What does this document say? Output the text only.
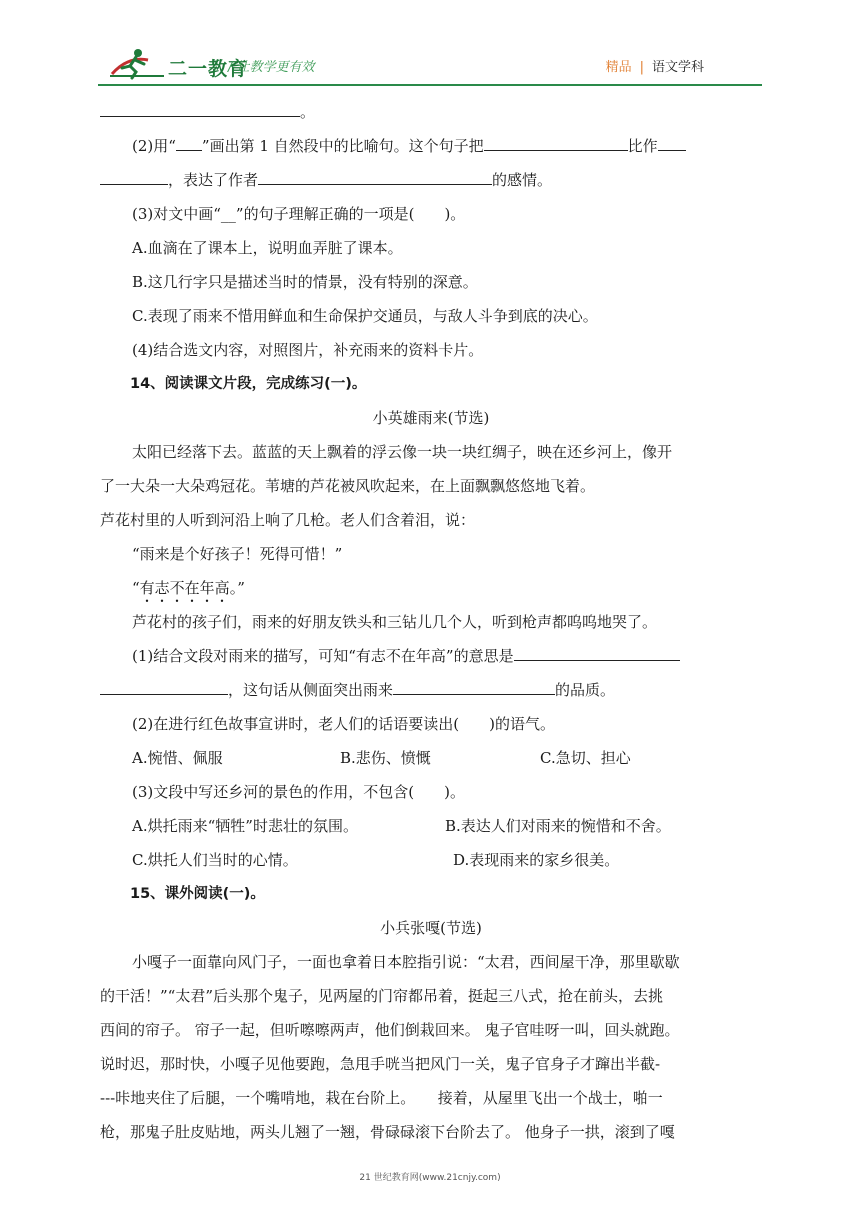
二一教育
/ 让教学更有效	精品 | 语文学科
。
(2)用“ ”画出第 1 自然段中的比喻句。这个句子把	比作
，表达了作者	的感情。
(3)对文中画“__”的句子理解正确的一项是(　　)。
A.血滴在了课本上，说明血弄脏了课本。
B.这几行字只是描述当时的情景，没有特别的深意。
C.表现了雨来不惜用鲜血和生命保护交通员，与敌人斗争到底的决心。
(4)结合选文内容，对照图片，补充雨来的资料卡片。
14、阅读课文片段，完成练习(一)。
小英雄雨来(节选)
太阳已经落下去。蓝蓝的天上飘着的浮云像一块一块红绸子，映在还乡河上，像开
了一大朵一大朵鸡冠花。苇塘的芦花被风吹起来，在上面飘飘悠悠地飞着。
芦花村里的人听到河沿上响了几枪。老人们含着泪，说：
“雨来是个好孩子！死得可惜！”
“有志不在年高。”
芦花村的孩子们，雨来的好朋友铁头和三钻儿几个人，听到枪声都呜呜地哭了。
(1)结合文段对雨来的描写，可知“有志不在年高”的意思是
，这句话从侧面突出雨来	的品质。
(2)在进行红色故事宣讲时，老人们的话语要读出(　　)的语气。
A.惋惜、佩服	B.悲伤、愤慨	C.急切、担心
(3)文段中写还乡河的景色的作用，不包含(　　)。
A.烘托雨来“牺牲”时悲壮的氛围。	B.表达人们对雨来的惋惜和不舍。
C.烘托人们当时的心情。	D.表现雨来的家乡很美。
15、课外阅读(一)。
小兵张嘎(节选)
小嘎子一面靠向风门子，一面也拿着日本腔指引说：“太君，西间屋干净，那里歇歇
的干活！”“太君”后头那个鬼子，见两屋的门帘都吊着，挺起三八式，抢在前头，去挑
西间的帘子。 帘子一起，但听嚓嚓两声，他们倒栽回来。 鬼子官哇呀一叫，回头就跑。
说时迟，那时快，小嘎子见他要跑，急甩手咣当把风门一关，鬼子官身子才蹿出半截-
---咔地夹住了后腿，一个嘴啃地，栽在台阶上。　　接着，从屋里飞出一个战士，啪一
枪，那鬼子肚皮贴地，两头儿翘了一翘，骨碌碌滚下台阶去了。 他身子一拱，滚到了嘎
21 世纪教育网(www.21cnjy.com)
